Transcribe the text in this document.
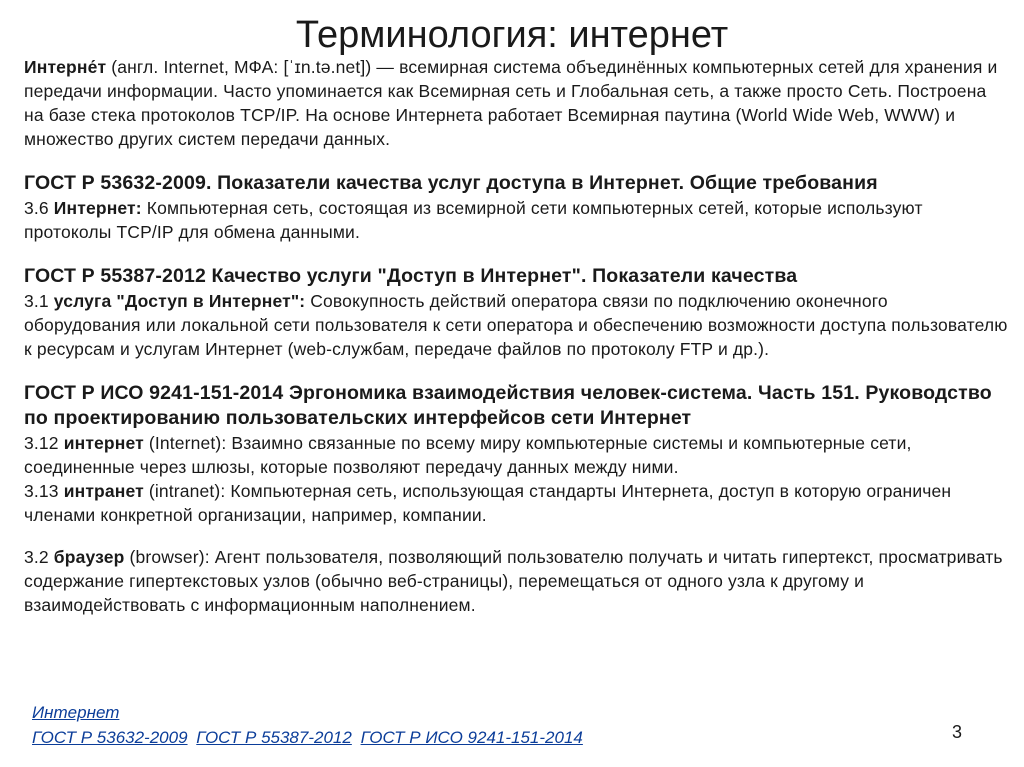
Терминология: интернет

Интерне́т (англ. Internet, МФА: [ˈɪn.tə.net]) — всемирная система объединённых компьютерных сетей для хранения и передачи информации. Часто упоминается как Всемирная сеть и Глобальная сеть, а также просто Сеть. Построена на базе стека протоколов TCP/IP. На основе Интернета работает Всемирная паутина (World Wide Web, WWW) и множество других систем передачи данных.

ГОСТ Р 53632-2009. Показатели качества услуг доступа в Интернет. Общие требования

3.6 Интернет: Компьютерная сеть, состоящая из всемирной сети компьютерных сетей, которые используют протоколы TCP/IP для обмена данными.

ГОСТ Р 55387-2012 Качество услуги "Доступ в Интернет". Показатели качества

3.1 услуга "Доступ в Интернет": Совокупность действий оператора связи по подключению оконечного оборудования или локальной сети пользователя к сети оператора и обеспечению возможности доступа пользователю к ресурсам и услугам Интернет (web-службам, передаче файлов по протоколу FTP и др.).

ГОСТ Р ИСО 9241-151-2014 Эргономика взаимодействия человек-система. Часть 151. Руководство по проектированию пользовательских интерфейсов сети Интернет

3.12 интернет (Internet): Взаимно связанные по всему миру компьютерные системы и компьютерные сети, соединенные через шлюзы, которые позволяют передачу данных между ними.

3.13 интранет (intranet): Компьютерная сеть, использующая стандарты Интернета, доступ в которую ограничен членами конкретной организации, например, компании.

3.2 браузер (browser): Агент пользователя, позволяющий пользователю получать и читать гипертекст, просматривать содержание гипертекстовых узлов (обычно веб-страницы), перемещаться от одного узла к другому и взаимодействовать с информационным наполнением.

Интернет
ГОСТ Р 53632-2009 ГОСТ Р 55387-2012 ГОСТ Р ИСО 9241-151-2014	3
